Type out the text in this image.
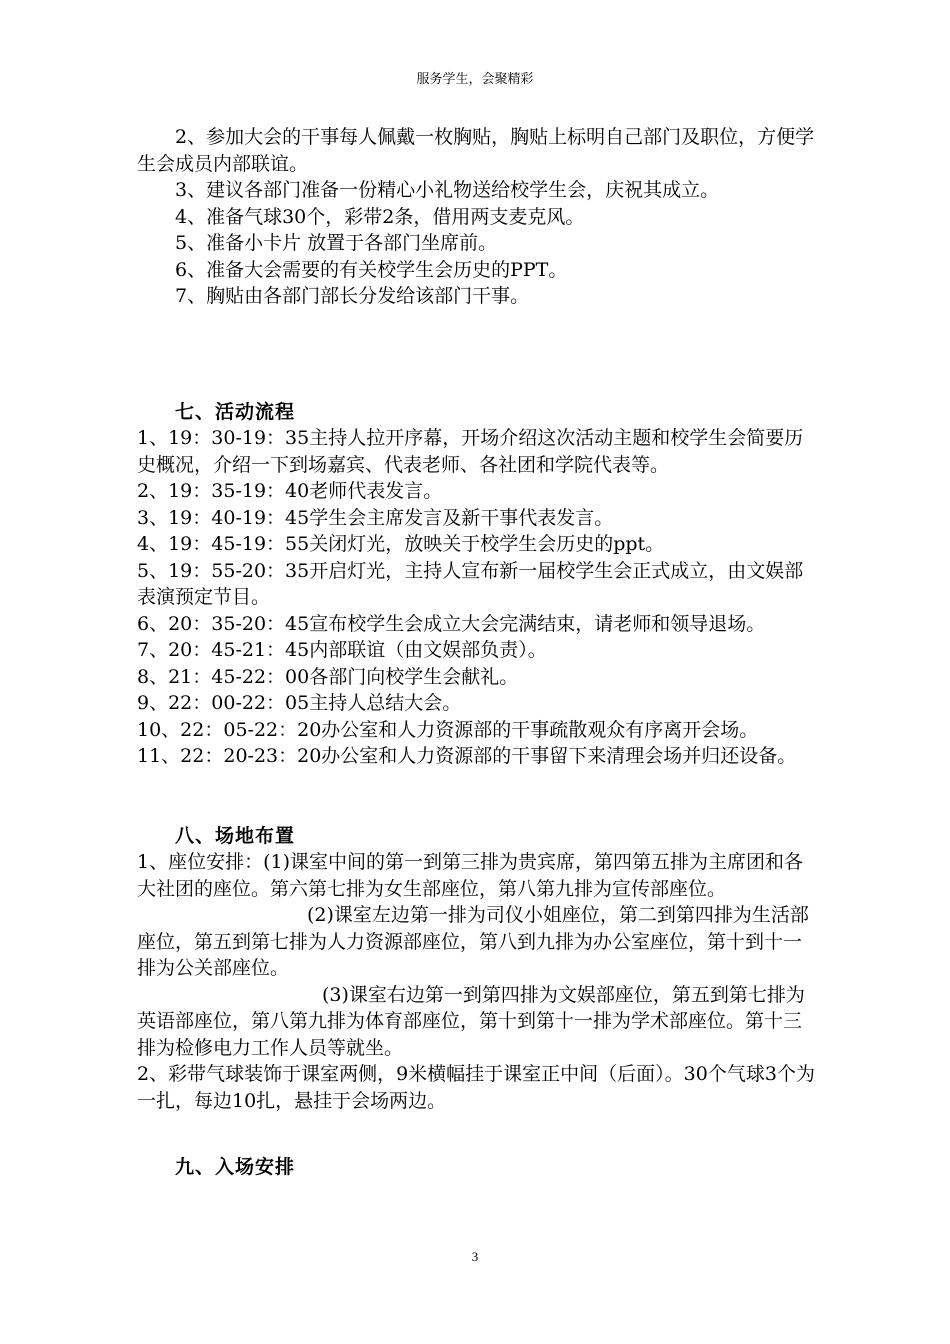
服务学生，会聚精彩

2、参加大会的干事每人佩戴一枚胸贴，胸贴上标明自己部门及职位，方便学生会成员内部联谊。

3、建议各部门准备一份精心小礼物送给校学生会，庆祝其成立。

4、准备气球30个，彩带2条，借用两支麦克风。

5、准备小卡片 放置于各部门坐席前。

6、准备大会需要的有关校学生会历史的PPT。

7、胸贴由各部门部长分发给该部门干事。

七、活动流程

1、19：30-19：35主持人拉开序幕，开场介绍这次活动主题和校学生会简要历史概况，介绍一下到场嘉宾、代表老师、各社团和学院代表等。

2、19：35-19：40老师代表发言。

3、19：40-19：45学生会主席发言及新干事代表发言。

4、19：45-19：55关闭灯光，放映关于校学生会历史的ppt。

5、19：55-20：35开启灯光，主持人宣布新一届校学生会正式成立，由文娱部表演预定节目。

6、20：35-20：45宣布校学生会成立大会完满结束，请老师和领导退场。

7、20：45-21：45内部联谊（由文娱部负责）。

8、21：45-22：00各部门向校学生会献礼。

9、22：00-22：05主持人总结大会。

10、22：05-22：20办公室和人力资源部的干事疏散观众有序离开会场。

11、22：20-23：20办公室和人力资源部的干事留下来清理会场并归还设备。

八、场地布置

1、座位安排：(1)课室中间的第一到第三排为贵宾席，第四第五排为主席团和各大社团的座位。第六第七排为女生部座位，第八第九排为宣传部座位。

(2)课室左边第一排为司仪小姐座位，第二到第四排为生活部座位，第五到第七排为人力资源部座位，第八到九排为办公室座位，第十到十一排为公关部座位。

(3)课室右边第一到第四排为文娱部座位，第五到第七排为英语部座位，第八第九排为体育部座位，第十到第十一排为学术部座位。第十三排为检修电力工作人员等就坐。

2、彩带气球装饰于课室两侧，9米横幅挂于课室正中间（后面）。30个气球3个为一扎，每边10扎，悬挂于会场两边。

九、入场安排
3
